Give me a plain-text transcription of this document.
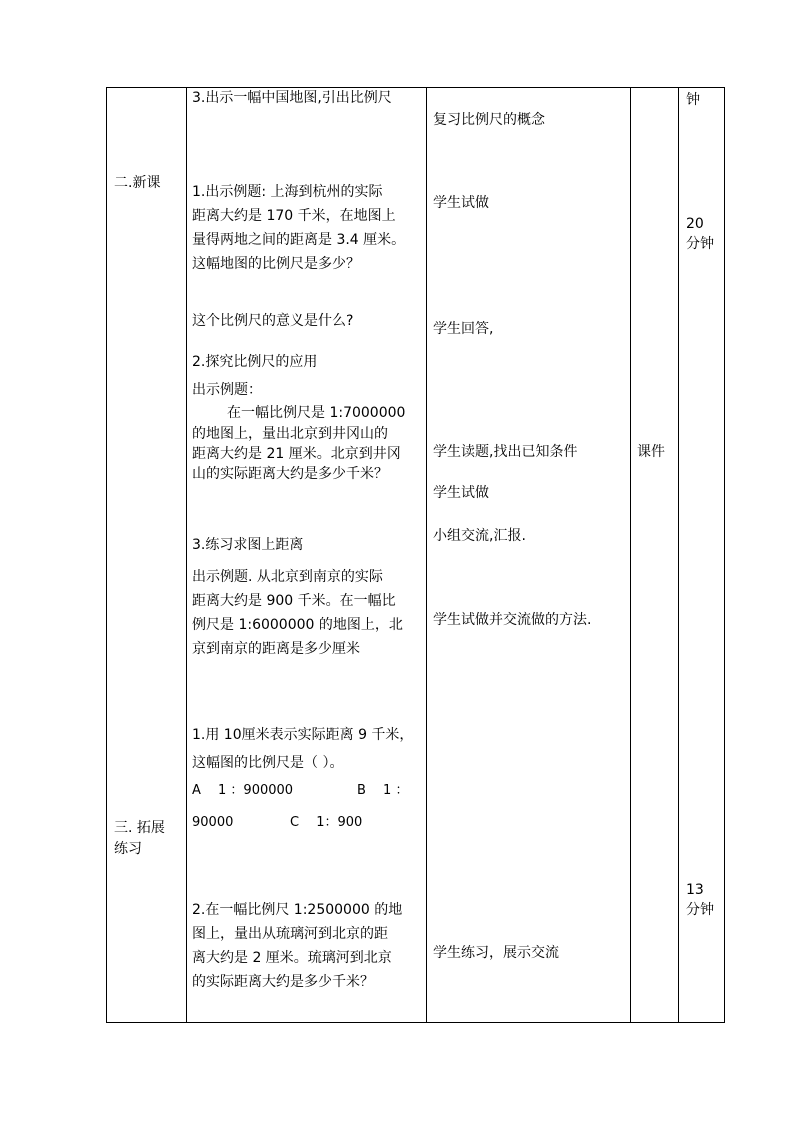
二.新课
三. 拓展
练习
3.出示一幅中国地图,引出比例尺
1.出示例题: 上海到杭州的实际
距离大约是 170 千米，在地图上
量得两地之间的距离是 3.4 厘米。
这幅地图的比例尺是多少？
这个比例尺的意义是什么?
2.探究比例尺的应用
出示例题：
在一幅比例尺是 1:7000000
的地图上，量出北京到井冈山的
距离大约是 21 厘米。北京到井冈
山的实际距离大约是多少千米？
3.练习求图上距离
出示例题. 从北京到南京的实际
距离大约是 900 千米。在一幅比
例尺是 1:6000000 的地图上，北
京到南京的距离是多少厘米
1.用 10厘米表示实际距离 9 千米，
这幅图的比例尺是（ ）。
A　 1 ：900000	B　 1 ：
90000	C　 1：900
2.在一幅比例尺 1:2500000 的地
图上，量出从琉璃河到北京的距
离大约是 2 厘米。琉璃河到北京
的实际距离大约是多少千米？
复习比例尺的概念
学生试做
学生回答,
学生读题,找出已知条件
学生试做
小组交流,汇报.
学生试做并交流做的方法.
学生练习，展示交流
课件
钟
20
分钟
13
分钟
